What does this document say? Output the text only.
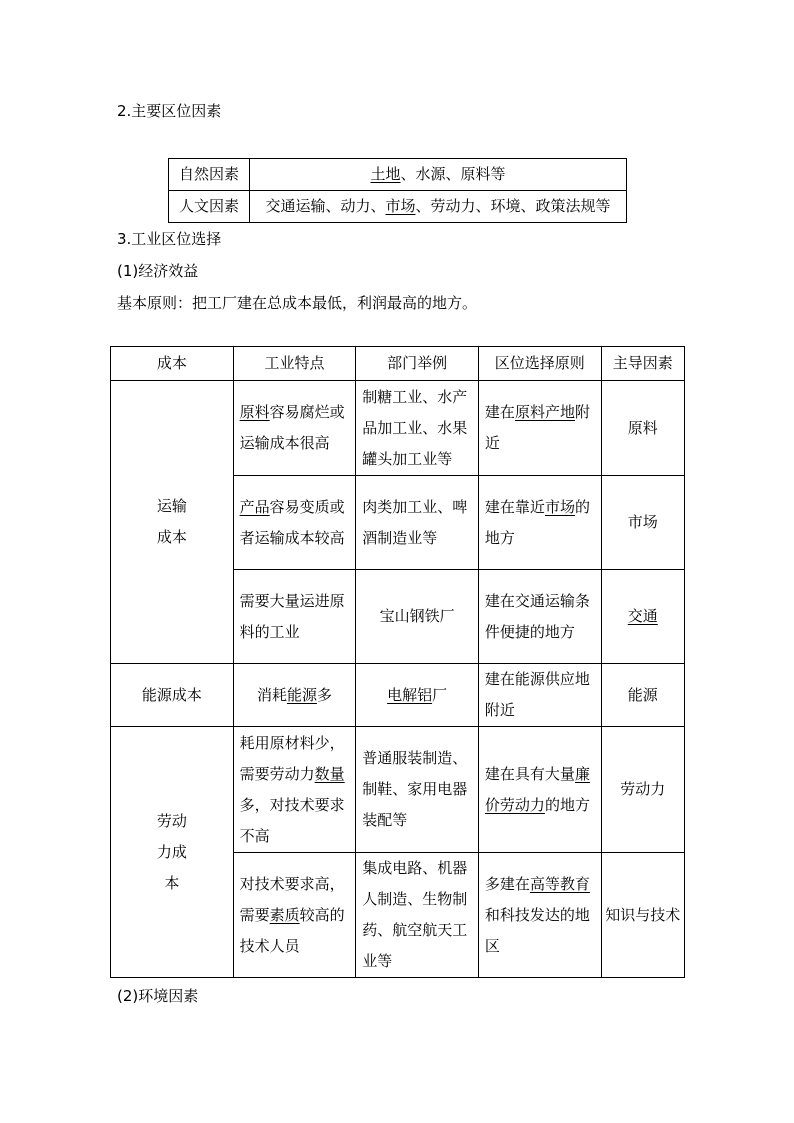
2.主要区位因素
自然因素	土地、水源、原料等
人文因素	交通运输、动力、市场、劳动力、环境、政策法规等
3.工业区位选择
(1)经济效益
基本原则：把工厂建在总成本最低，利润最高的地方。
成本	工业特点	部门举例	区位选择原则	主导因素

运输
成本	原料容易腐烂或运输成本很高	制糖工业、水产品加工业、水果罐头加工业等	建在原料产地附近	原料
	产品容易变质或者运输成本较高	肉类加工业、啤酒制造业等	建在靠近市场的地方	市场
	需要大量运进原料的工业	宝山钢铁厂	建在交通运输条件便捷的地方	交通
能源成本	消耗能源多	电解铝厂	建在能源供应地附近	能源

劳动
力成
本	耗用原材料少，需要劳动力数量多，对技术要求不高	普通服装制造、制鞋、家用电器装配等	建在具有大量廉价劳动力的地方	劳动力
	对技术要求高，需要素质较高的技术人员	集成电路、机器人制造、生物制药、航空航天工业等	多建在高等教育和科技发达的地区	知识与技术
(2)环境因素
